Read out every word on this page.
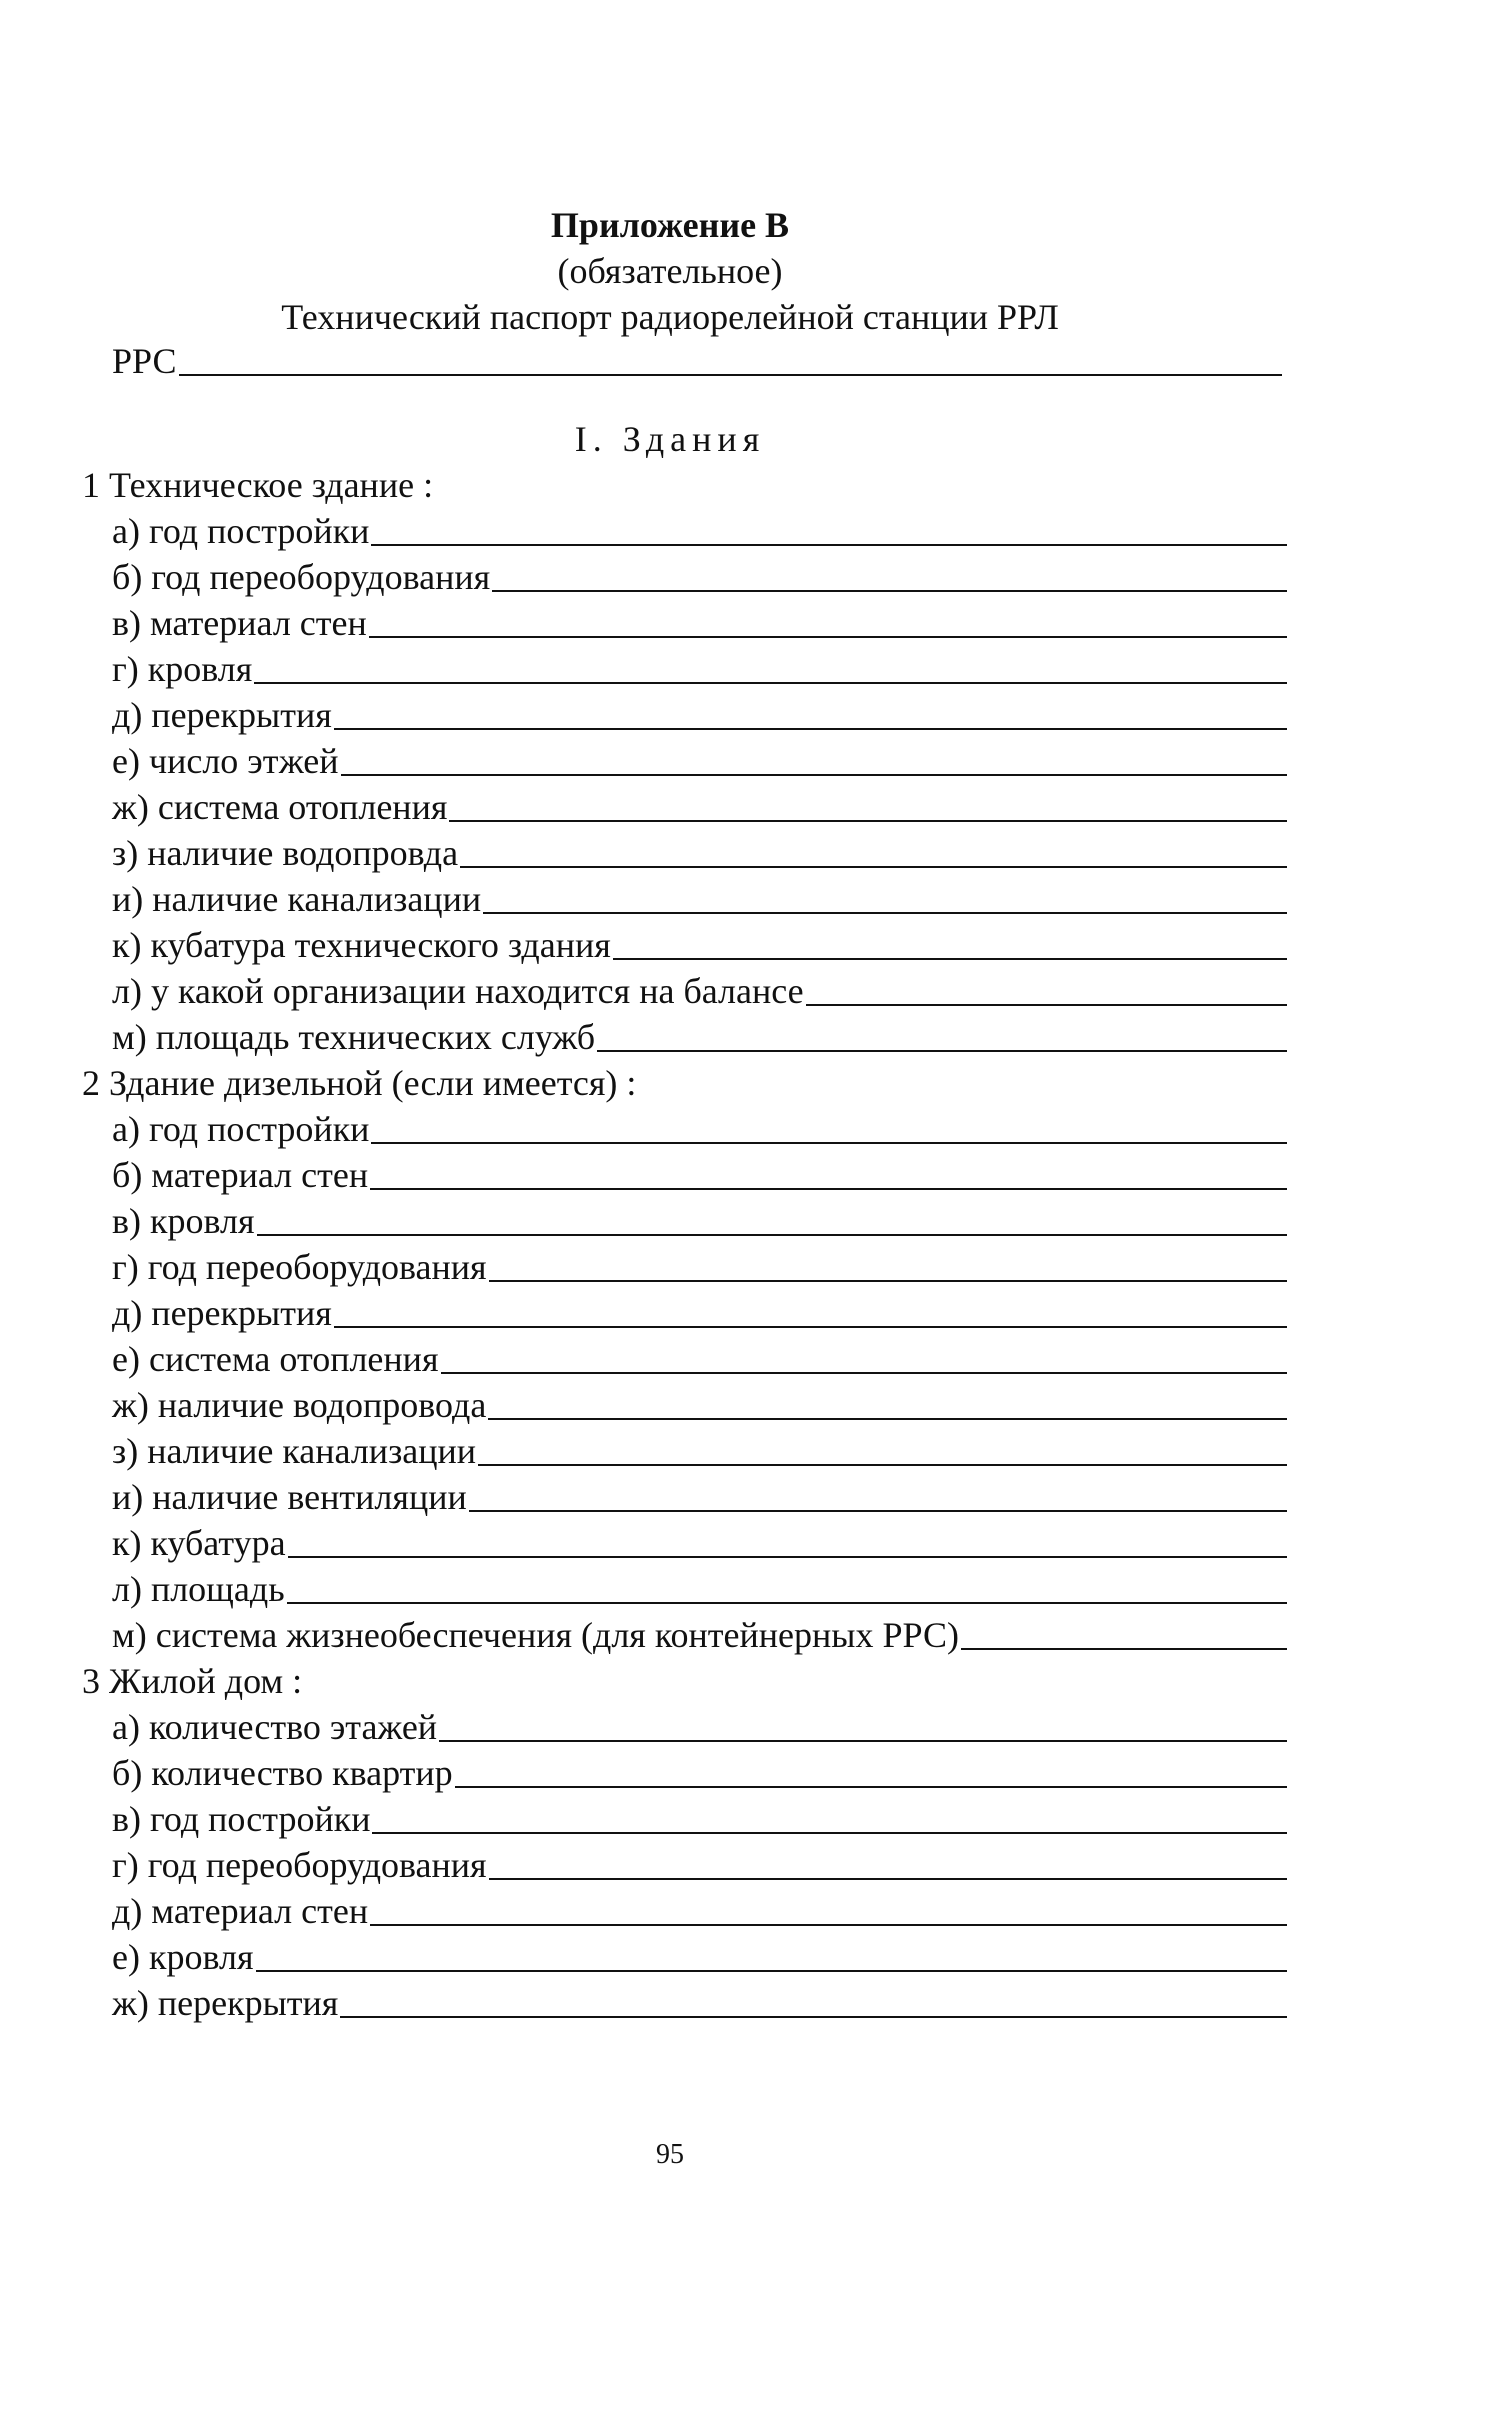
Приложение В
(обязательное)
Технический паспорт радиорелейной станции РРЛ
РРС
I. Здания
1 Техническое здание :
а) год постройки
б) год переоборудования
в) материал стен
г) кровля
д) перекрытия
е) число этжей
ж) система отопления
з) наличие водопровда
и) наличие канализации
к) кубатура технического здания
л) у какой организации находится на балансе
м) площадь технических служб
2 Здание дизельной (если имеется) :
а) год постройки
б) материал стен
в) кровля
г) год переоборудования
д) перекрытия
е) система отопления
ж) наличие водопровода
з) наличие канализации
и) наличие вентиляции
к) кубатура
л) площадь
м) система жизнеобеспечения (для контейнерных РРС)
3 Жилой дом :
а) количество этажей
б) количество квартир
в) год постройки
г) год переоборудования
д) материал стен
е) кровля
ж) перекрытия
95
